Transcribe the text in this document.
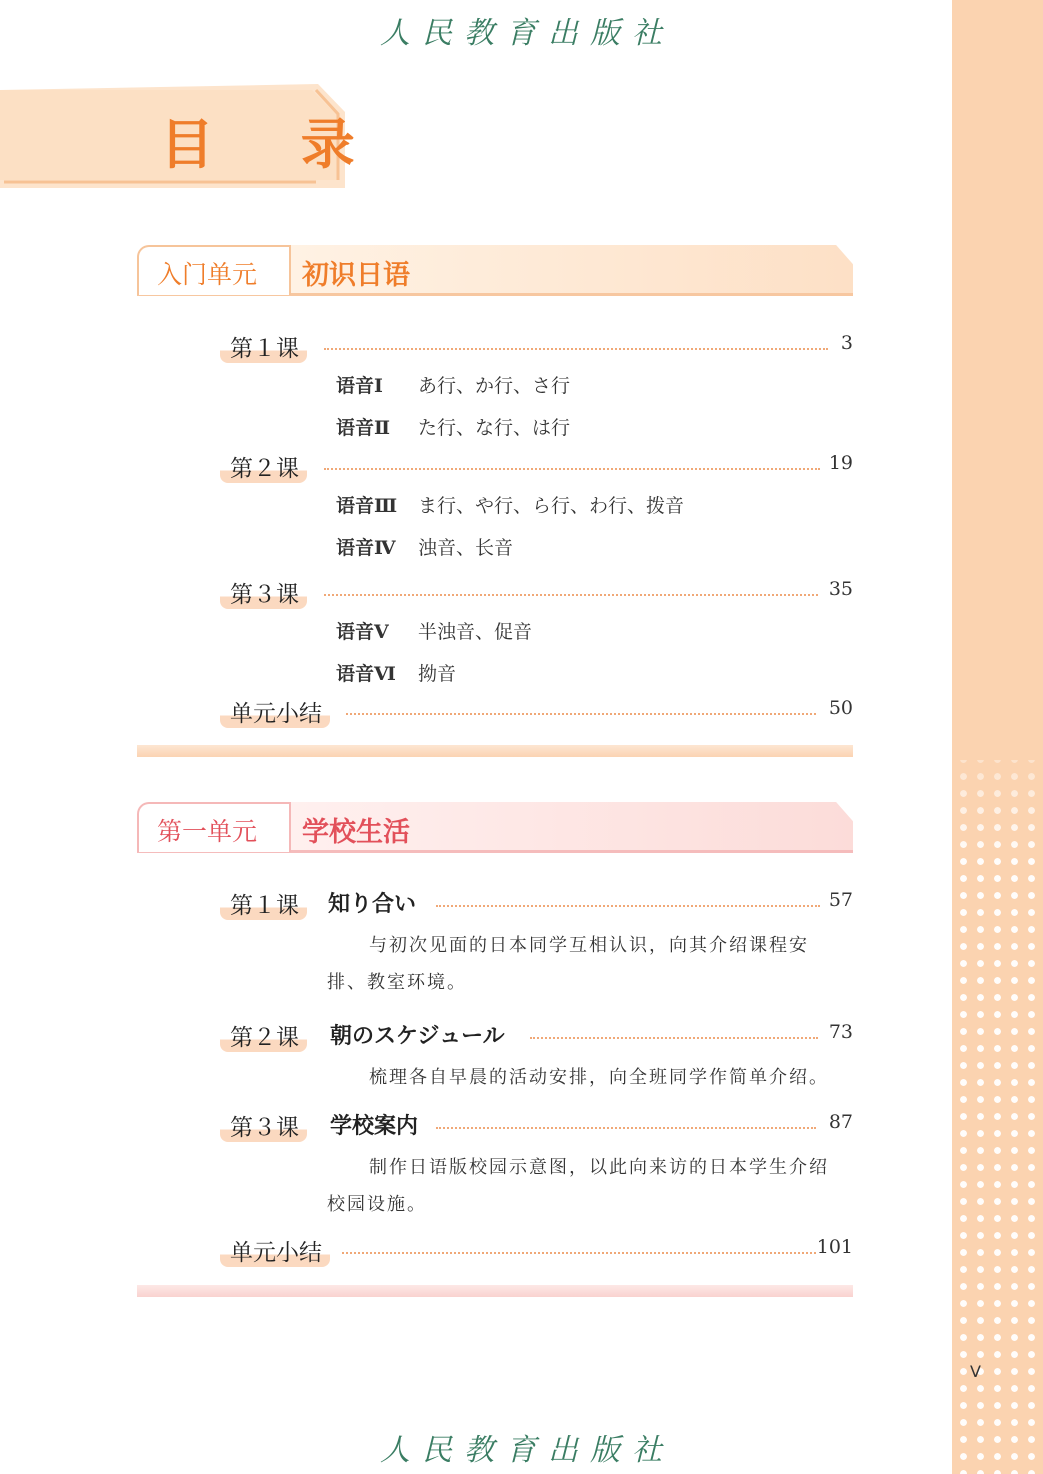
V
人民教育出版社
人民教育出版社
目 录
入门单元 初识日语
第１课	3
语音Ⅰ あ行、か行、さ行
语音Ⅱ た行、な行、は行
第２课	19
语音Ⅲ ま行、や行、ら行、わ行、拨音
语音Ⅳ 浊音、长音
第３课	35
语音Ⅴ 半浊音、促音
语音Ⅵ 拗音
单元小结	50
第一单元 学校生活
第１课	知り合い	57
与初次见面的日本同学互相认识，向其介绍课程安排、教室环境。
第２课	朝のスケジュール	73
梳理各自早晨的活动安排，向全班同学作简单介绍。
第３课	学校案内	87
制作日语版校园示意图，以此向来访的日本学生介绍校园设施。
单元小结	101
